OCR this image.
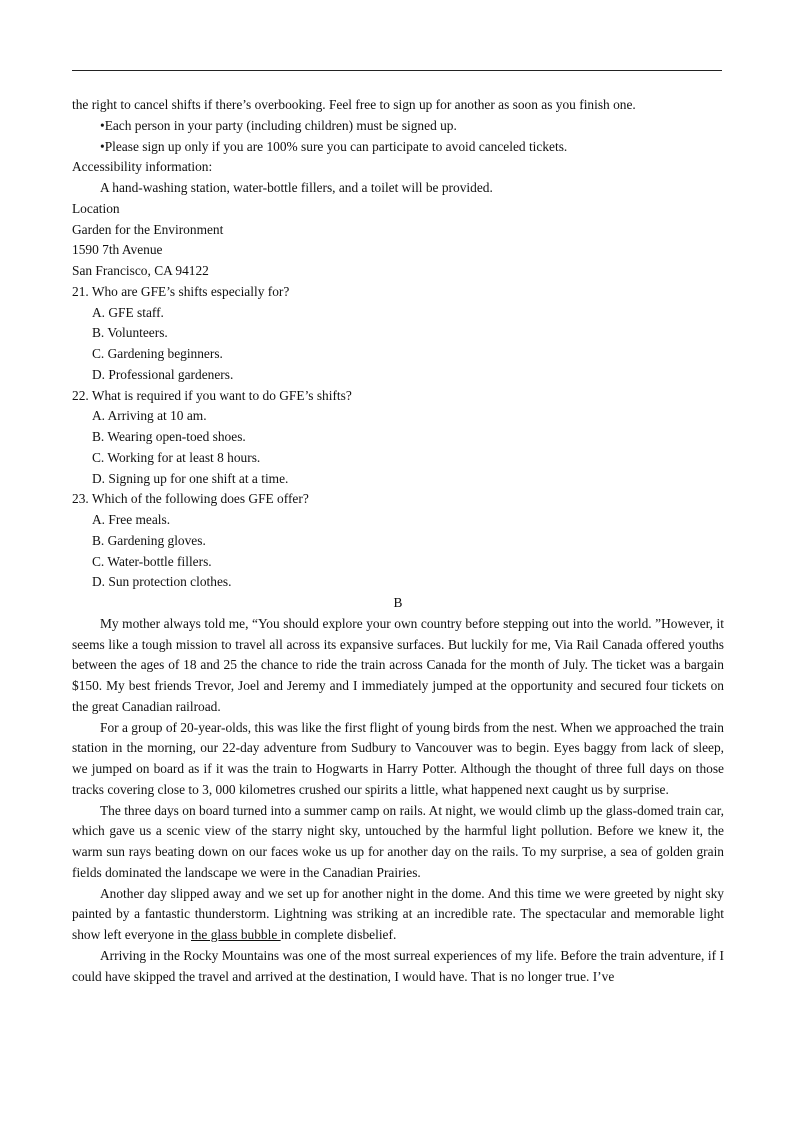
the right to cancel shifts if there’s overbooking. Feel free to sign up for another as soon as you finish one.
•Each person in your party (including children) must be signed up.
•Please sign up only if you are 100% sure you can participate to avoid canceled tickets.
Accessibility information:
A hand-washing station, water-bottle fillers, and a toilet will be provided.
Location
Garden for the Environment
1590 7th Avenue
San Francisco, CA 94122
21. Who are GFE’s shifts especially for?
A. GFE staff.
B. Volunteers.
C. Gardening beginners.
D. Professional gardeners.
22. What is required if you want to do GFE’s shifts?
A. Arriving at 10 am.
B. Wearing open-toed shoes.
C. Working for at least 8 hours.
D. Signing up for one shift at a time.
23. Which of the following does GFE offer?
A. Free meals.
B. Gardening gloves.
C. Water-bottle fillers.
D. Sun protection clothes.
B

My mother always told me, “You should explore your own country before stepping out into the world. ”However, it seems like a tough mission to travel all across its expansive surfaces. But luckily for me, Via Rail Canada offered youths between the ages of 18 and 25 the chance to ride the train across Canada for the month of July. The ticket was a bargain $150. My best friends Trevor, Joel and Jeremy and I immediately jumped at the opportunity and secured four tickets on the great Canadian railroad.

For a group of 20-year-olds, this was like the first flight of young birds from the nest. When we approached the train station in the morning, our 22-day adventure from Sudbury to Vancouver was to begin. Eyes baggy from lack of sleep, we jumped on board as if it was the train to Hogwarts in Harry Potter. Although the thought of three full days on those tracks covering close to 3, 000 kilometres crushed our spirits a little, what happened next caught us by surprise.

The three days on board turned into a summer camp on rails. At night, we would climb up the glass-domed train car, which gave us a scenic view of the starry night sky, untouched by the harmful light pollution. Before we knew it, the warm sun rays beating down on our faces woke us up for another day on the rails. To my surprise, a sea of golden grain fields dominated the landscape we were in the Canadian Prairies.

Another day slipped away and we set up for another night in the dome. And this time we were greeted by night sky painted by a fantastic thunderstorm. Lightning was striking at an incredible rate. The spectacular and memorable light show left everyone in the glass bubble in complete disbelief.

Arriving in the Rocky Mountains was one of the most surreal experiences of my life. Before the train adventure, if I could have skipped the travel and arrived at the destination, I would have. That is no longer true. I’ve
